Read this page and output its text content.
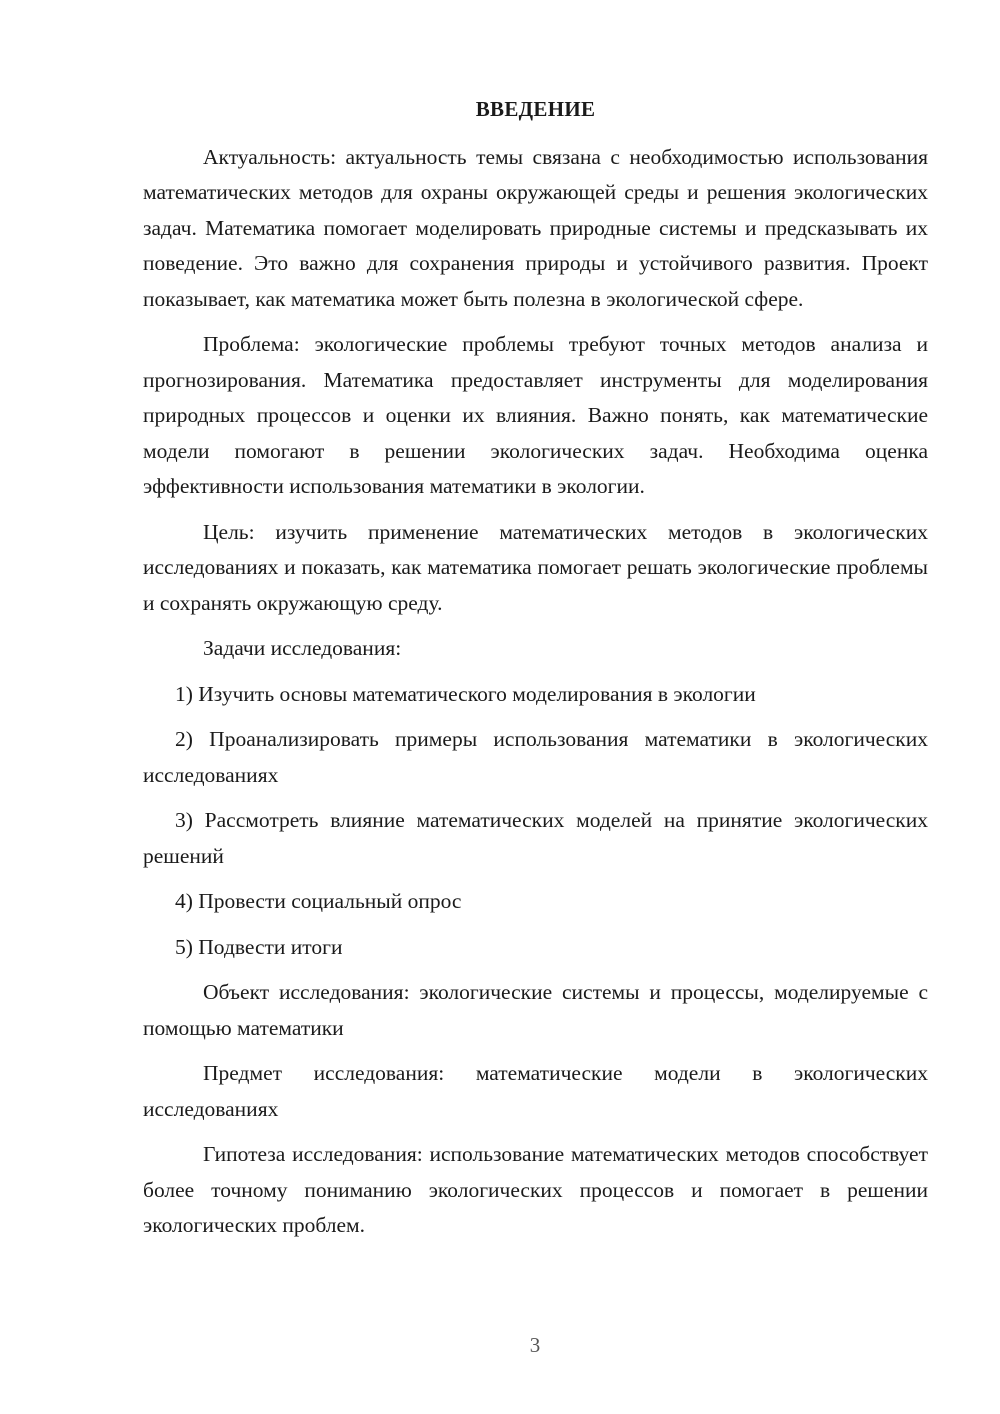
ВВЕДЕНИЕ

Актуальность: актуальность темы связана с необходимостью использования математических методов для охраны окружающей среды и решения экологических задач. Математика помогает моделировать природные системы и предсказывать их поведение. Это важно для сохранения природы и устойчивого развития. Проект показывает, как математика может быть полезна в экологической сфере.

Проблема: экологические проблемы требуют точных методов анализа и прогнозирования. Математика предоставляет инструменты для моделирования природных процессов и оценки их влияния. Важно понять, как математические модели помогают в решении экологических задач. Необходима оценка эффективности использования математики в экологии.

Цель: изучить применение математических методов в экологических исследованиях и показать, как математика помогает решать экологические проблемы и сохранять окружающую среду.

Задачи исследования:

1) Изучить основы математического моделирования в экологии

2) Проанализировать примеры использования математики в экологических исследованиях

3) Рассмотреть влияние математических моделей на принятие экологических решений

4) Провести социальный опрос

5) Подвести итоги

Объект исследования: экологические системы и процессы, моделируемые с помощью математики

Предмет исследования: математические модели в экологических исследованиях

Гипотеза исследования: использование математических методов способствует более точному пониманию экологических процессов и помогает в решении экологических проблем.

3
